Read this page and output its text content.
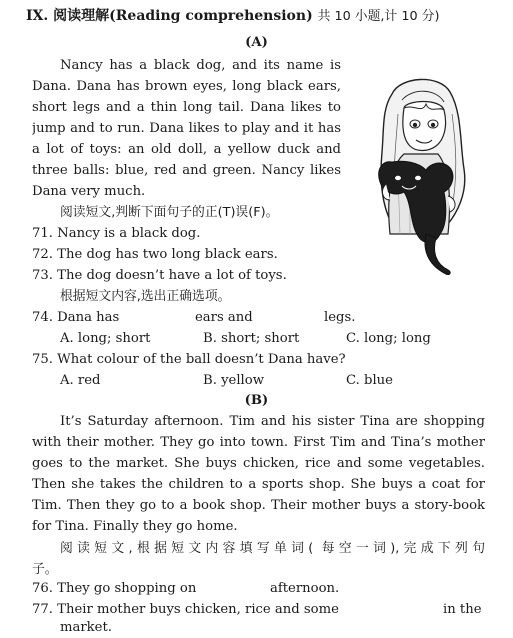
IX. 阅读理解(Reading comprehension) 共 10 小题,计 10 分)
(A)
Nancy has a black dog, and its name is
Dana. Dana has brown eyes, long black ears,
short legs and a thin long tail. Dana likes to
jump and to run. Dana likes to play and it has
a lot of toys: an old doll, a yellow duck and
three balls: blue, red and green. Nancy likes
Dana very much.
阅读短文,判断下面句子的正(T)误(F)。
71. Nancy is a black dog.
72. The dog has two long black ears.
73. The dog doesn’t have a lot of toys.
根据短文内容,选出正确选项。
74. Dana has	ears and	legs.
A. long; short	B. short; short	C. long; long
75. What colour of the ball doesn’t Dana have?
A. red	B. yellow	C. blue
(B)
It’s Saturday afternoon. Tim and his sister Tina are shopping
with their mother. They go into town. First Tim and Tina’s mother
goes to the market. She buys chicken, rice and some vegetables.
Then she takes the children to a sports shop. She buys a coat for
Tim. Then they go to a book shop. Their mother buys a story-book
for Tina. Finally they go home.
阅读短文,根据短文内容填写单词( 每空一词),完成下列句
子。
76. They go shopping on	afternoon.
77. Their mother buys chicken, rice and some	in the
market.
